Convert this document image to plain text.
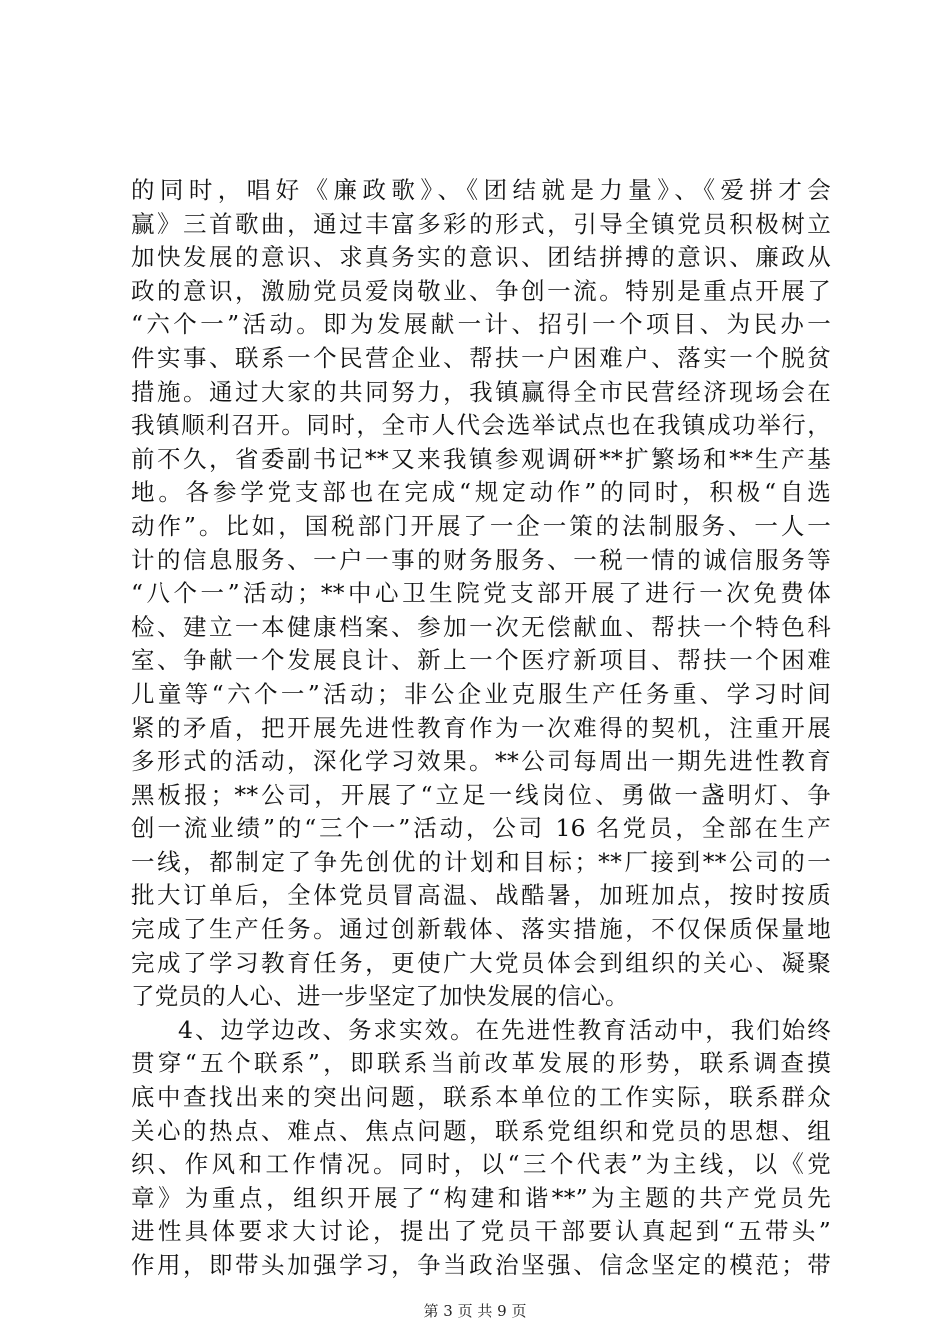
的同时，唱好《廉政歌》、《团结就是力量》、《爱拼才会
赢》三首歌曲，通过丰富多彩的形式，引导全镇党员积极树立
加快发展的意识、求真务实的意识、团结拼搏的意识、廉政从
政的意识，激励党员爱岗敬业、争创一流。特别是重点开展了
“六个一”活动。即为发展献一计、招引一个项目、为民办一
件实事、联系一个民营企业、帮扶一户困难户、落实一个脱贫
措施。通过大家的共同努力，我镇赢得全市民营经济现场会在
我镇顺利召开。同时，全市人代会选举试点也在我镇成功举行，
前不久，省委副书记**又来我镇参观调研**扩繁场和**生产基
地。各参学党支部也在完成“规定动作”的同时，积极“自选
动作”。比如，国税部门开展了一企一策的法制服务、一人一
计的信息服务、一户一事的财务服务、一税一情的诚信服务等
“八个一”活动；**中心卫生院党支部开展了进行一次免费体
检、建立一本健康档案、参加一次无偿献血、帮扶一个特色科
室、争献一个发展良计、新上一个医疗新项目、帮扶一个困难
儿童等“六个一”活动；非公企业克服生产任务重、学习时间
紧的矛盾，把开展先进性教育作为一次难得的契机，注重开展
多形式的活动，深化学习效果。**公司每周出一期先进性教育
黑板报；**公司，开展了“立足一线岗位、勇做一盏明灯、争
创一流业绩”的“三个一”活动，公司 16 名党员，全部在生产
一线，都制定了争先创优的计划和目标；**厂接到**公司的一
批大订单后，全体党员冒高温、战酷暑，加班加点，按时按质
完成了生产任务。通过创新载体、落实措施，不仅保质保量地
完成了学习教育任务，更使广大党员体会到组织的关心、凝聚
了党员的人心、进一步坚定了加快发展的信心。
4、边学边改、务求实效。在先进性教育活动中，我们始终
贯穿“五个联系”，即联系当前改革发展的形势，联系调查摸
底中查找出来的突出问题，联系本单位的工作实际，联系群众
关心的热点、难点、焦点问题，联系党组织和党员的思想、组
织、作风和工作情况。同时，以“三个代表”为主线，以《党
章》为重点，组织开展了“构建和谐**”为主题的共产党员先
进性具体要求大讨论，提出了党员干部要认真起到“五带头”
作用，即带头加强学习，争当政治坚强、信念坚定的模范；带
第 3 页 共 9 页
